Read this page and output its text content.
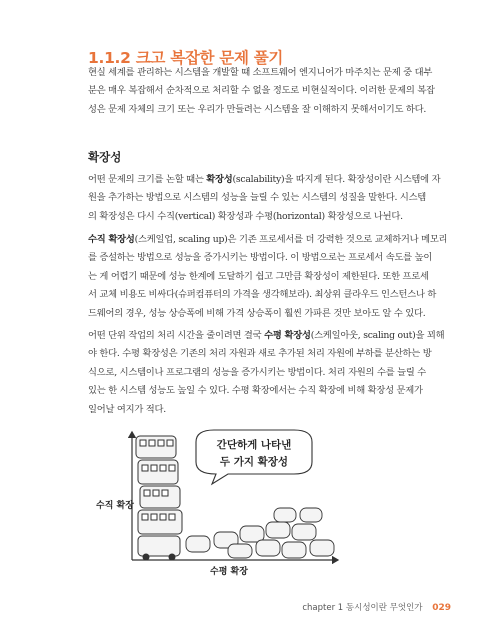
1.1.2 크고 복잡한 문제 풀기
현실 세계를 관리하는 시스템을 개발할 때 소프트웨어 엔지니어가 마주치는 문제 중 대부
분은 매우 복잡해서 순차적으로 처리할 수 없을 정도로 비현실적이다. 이러한 문제의 복잡
성은 문제 자체의 크기 또는 우리가 만들려는 시스템을 잘 이해하지 못해서이기도 하다.
확장성
어떤 문제의 크기를 논할 때는 확장성(scalability)을 따지게 된다. 확장성이란 시스템에 자
원을 추가하는 방법으로 시스템의 성능을 늘릴 수 있는 시스템의 성질을 말한다. 시스템
의 확장성은 다시 수직(vertical) 확장성과 수평(horizontal) 확장성으로 나뉜다.
수직 확장성(스케일업, scaling up)은 기존 프로세서를 더 강력한 것으로 교체하거나 메모리
를 증설하는 방법으로 성능을 증가시키는 방법이다. 이 방법으로는 프로세서 속도를 높이
는 게 어렵기 때문에 성능 한계에 도달하기 쉽고 그만큼 확장성이 제한된다. 또한 프로세
서 교체 비용도 비싸다(슈퍼컴퓨터의 가격을 생각해보라). 최상위 클라우드 인스턴스나 하
드웨어의 경우, 성능 상승폭에 비해 가격 상승폭이 훨씬 가파른 것만 보아도 알 수 있다.
어떤 단위 작업의 처리 시간을 줄이려면 결국 수평 확장성(스케일아웃, scaling out)을 꾀해
야 한다. 수평 확장성은 기존의 처리 자원과 새로 추가된 처리 자원에 부하를 분산하는 방
식으로, 시스템이나 프로그램의 성능을 증가시키는 방법이다. 처리 자원의 수를 늘릴 수
있는 한 시스템 성능도 높일 수 있다. 수평 확장에서는 수직 확장에 비해 확장성 문제가
일어날 여지가 적다.
간단하게 나타낸
두 가지 확장성
수직 확장
수평 확장
chapter 1 동시성이란 무엇인가 029
